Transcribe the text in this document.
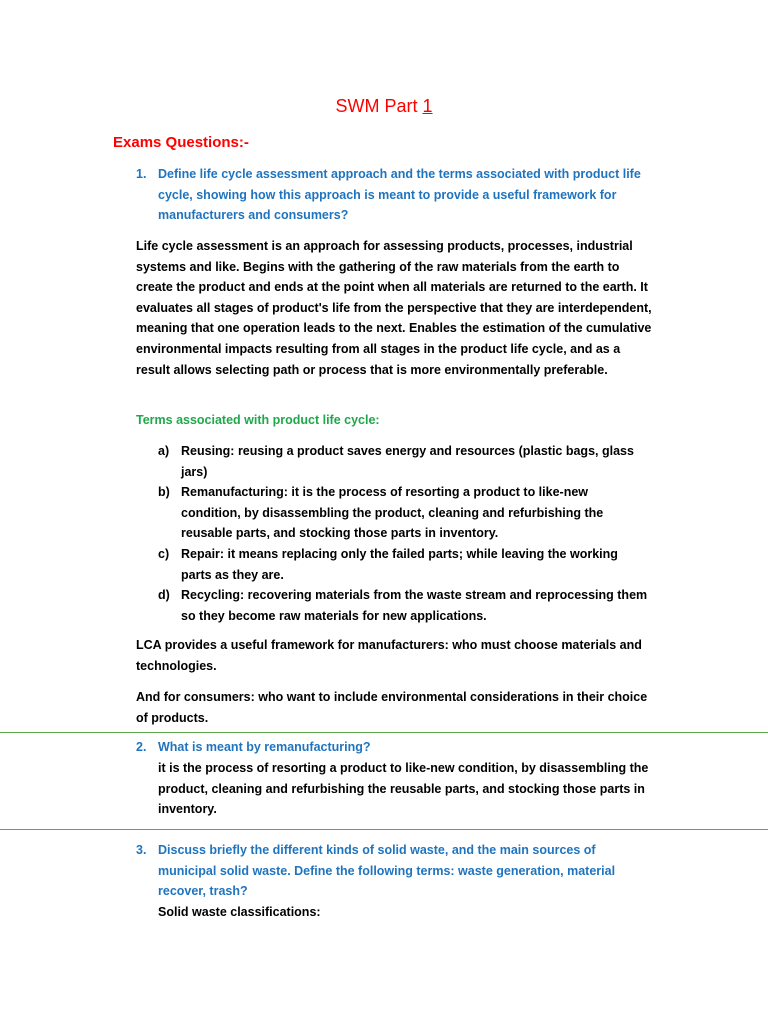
SWM Part 1
Exams Questions:-
1. Define life cycle assessment approach and the terms associated with product life cycle, showing how this approach is meant to provide a useful framework for manufacturers and consumers?
Life cycle assessment is an approach for assessing products, processes, industrial systems and like. Begins with the gathering of the raw materials from the earth to create the product and ends at the point when all materials are returned to the earth. It evaluates all stages of product's life from the perspective that they are interdependent, meaning that one operation leads to the next. Enables the estimation of the cumulative environmental impacts resulting from all stages in the product life cycle, and as a result allows selecting path or process that is more environmentally preferable.
Terms associated with product life cycle:
a) Reusing: reusing a product saves energy and resources (plastic bags, glass jars)
b) Remanufacturing: it is the process of resorting a product to like-new condition, by disassembling the product, cleaning and refurbishing the reusable parts, and stocking those parts in inventory.
c) Repair: it means replacing only the failed parts; while leaving the working parts as they are.
d) Recycling: recovering materials from the waste stream and reprocessing them so they become raw materials for new applications.
LCA provides a useful framework for manufacturers: who must choose materials and technologies.
And for consumers: who want to include environmental considerations in their choice of products.
2. What is meant by remanufacturing?
it is the process of resorting a product to like-new condition, by disassembling the product, cleaning and refurbishing the reusable parts, and stocking those parts in inventory.
3. Discuss briefly the different kinds of solid waste, and the main sources of municipal solid waste. Define the following terms: waste generation, material recover, trash?
Solid waste classifications:
